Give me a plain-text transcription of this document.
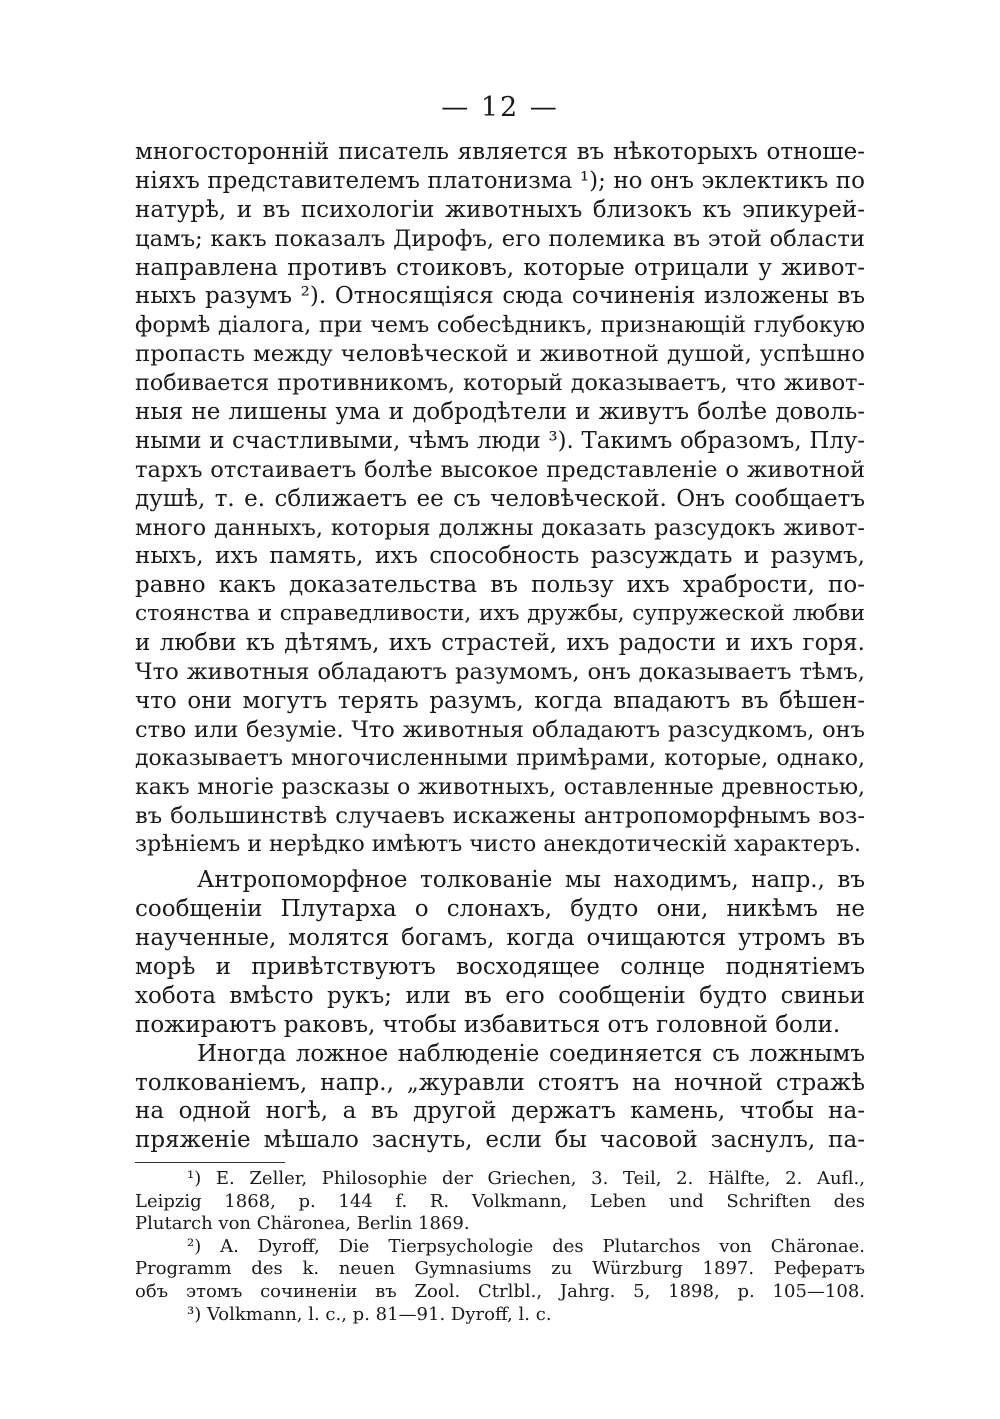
— 12 —
многосторонній писатель является въ нѣкоторыхъ отноше-
ніяхъ представителемъ платонизма ¹); но онъ эклектикъ по
натурѣ, и въ психологіи животныхъ близокъ къ эпикурей-
цамъ; какъ показалъ Дирофъ, его полемика въ этой области
направлена противъ стоиковъ, которые отрицали у живот-
ныхъ разумъ ²). Относящіяся сюда сочиненія изложены въ
формѣ діалога, при чемъ собесѣдникъ, признающій глубокую
пропасть между человѣческой и животной душой, успѣшно
побивается противникомъ, который доказываетъ, что живот-
ныя не лишены ума и добродѣтели и живутъ болѣе доволь-
ными и счастливыми, чѣмъ люди ³). Такимъ образомъ, Плу-
тархъ отстаиваетъ болѣе высокое представленіе о животной
душѣ, т. е. сближаетъ ее съ человѣческой. Онъ сообщаетъ
много данныхъ, которыя должны доказать разсудокъ живот-
ныхъ, ихъ память, ихъ способность разсуждать и разумъ,
равно какъ доказательства въ пользу ихъ храбрости, по-
стоянства и справедливости, ихъ дружбы, супружеской любви
и любви къ дѣтямъ, ихъ страстей, ихъ радости и ихъ горя.
Что животныя обладаютъ разумомъ, онъ доказываетъ тѣмъ,
что они могутъ терять разумъ, когда впадаютъ въ бѣшен-
ство или безуміе. Что животныя обладаютъ разсудкомъ, онъ
доказываетъ многочисленными примѣрами, которые, однако,
какъ многіе разсказы о животныхъ, оставленные древностью,
въ большинствѣ случаевъ искажены антропоморфнымъ воз-
зрѣніемъ и нерѣдко имѣютъ чисто анекдотическій характеръ.
Антропоморфное толкованіе мы находимъ, напр., въ
сообщеніи Плутарха о слонахъ, будто они, никѣмъ не
наученные, молятся богамъ, когда очищаются утромъ въ
морѣ и привѣтствуютъ восходящее солнце поднятіемъ
хобота вмѣсто рукъ; или въ его сообщеніи будто свиньи
пожираютъ раковъ, чтобы избавиться отъ головной боли.
Иногда ложное наблюденіе соединяется съ ложнымъ
толкованіемъ, напр., „журавли стоятъ на ночной стражѣ
на одной ногѣ, а въ другой держатъ камень, чтобы на-
пряженіе мѣшало заснуть, если бы часовой заснулъ, па-
¹) E. Zeller, Philosophie der Griechen, 3. Teil, 2. Hälfte, 2. Aufl.,
Leipzig 1868, p. 144 f. R. Volkmann, Leben und Schriften des
Plutarch von Chäronea, Berlin 1869.
²) A. Dyroff, Die Tierpsychologie des Plutarchos von Chäronae.
Programm des k. neuen Gymnasiums zu Würzburg 1897. Рефератъ
объ этомъ сочиненіи въ Zool. Ctrlbl., Jahrg. 5, 1898, p. 105—108.
³) Volkmann, l. c., p. 81—91. Dyroff, l. c.
